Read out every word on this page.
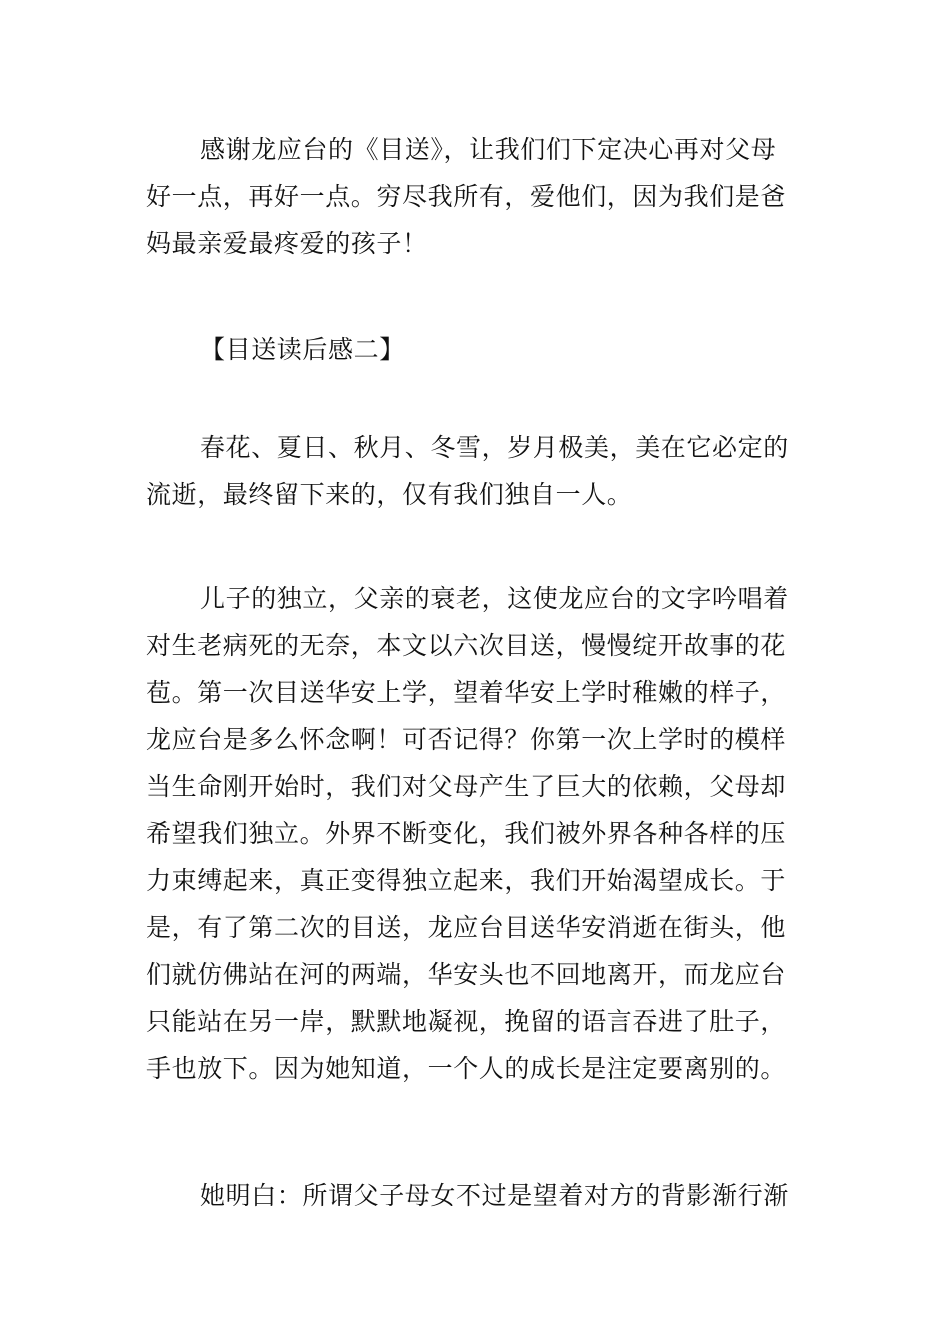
感谢龙应台的《目送》，让我们们下定决心再对父母
好一点，再好一点。穷尽我所有，爱他们，因为我们是爸
妈最亲爱最疼爱的孩子！

【目送读后感二】

春花、夏日、秋月、冬雪，岁月极美，美在它必定的
流逝，最终留下来的，仅有我们独自一人。

儿子的独立，父亲的衰老，这使龙应台的文字吟唱着
对生老病死的无奈，本文以六次目送，慢慢绽开故事的花
苞。第一次目送华安上学，望着华安上学时稚嫩的样子，
龙应台是多么怀念啊！可否记得？你第一次上学时的模样
当生命刚开始时，我们对父母产生了巨大的依赖，父母却
希望我们独立。外界不断变化，我们被外界各种各样的压
力束缚起来，真正变得独立起来，我们开始渴望成长。于
是，有了第二次的目送，龙应台目送华安消逝在街头，他
们就仿佛站在河的两端，华安头也不回地离开，而龙应台
只能站在另一岸，默默地凝视，挽留的语言吞进了肚子，
手也放下。因为她知道，一个人的成长是注定要离别的。

她明白：所谓父子母女不过是望着对方的背影渐行渐
